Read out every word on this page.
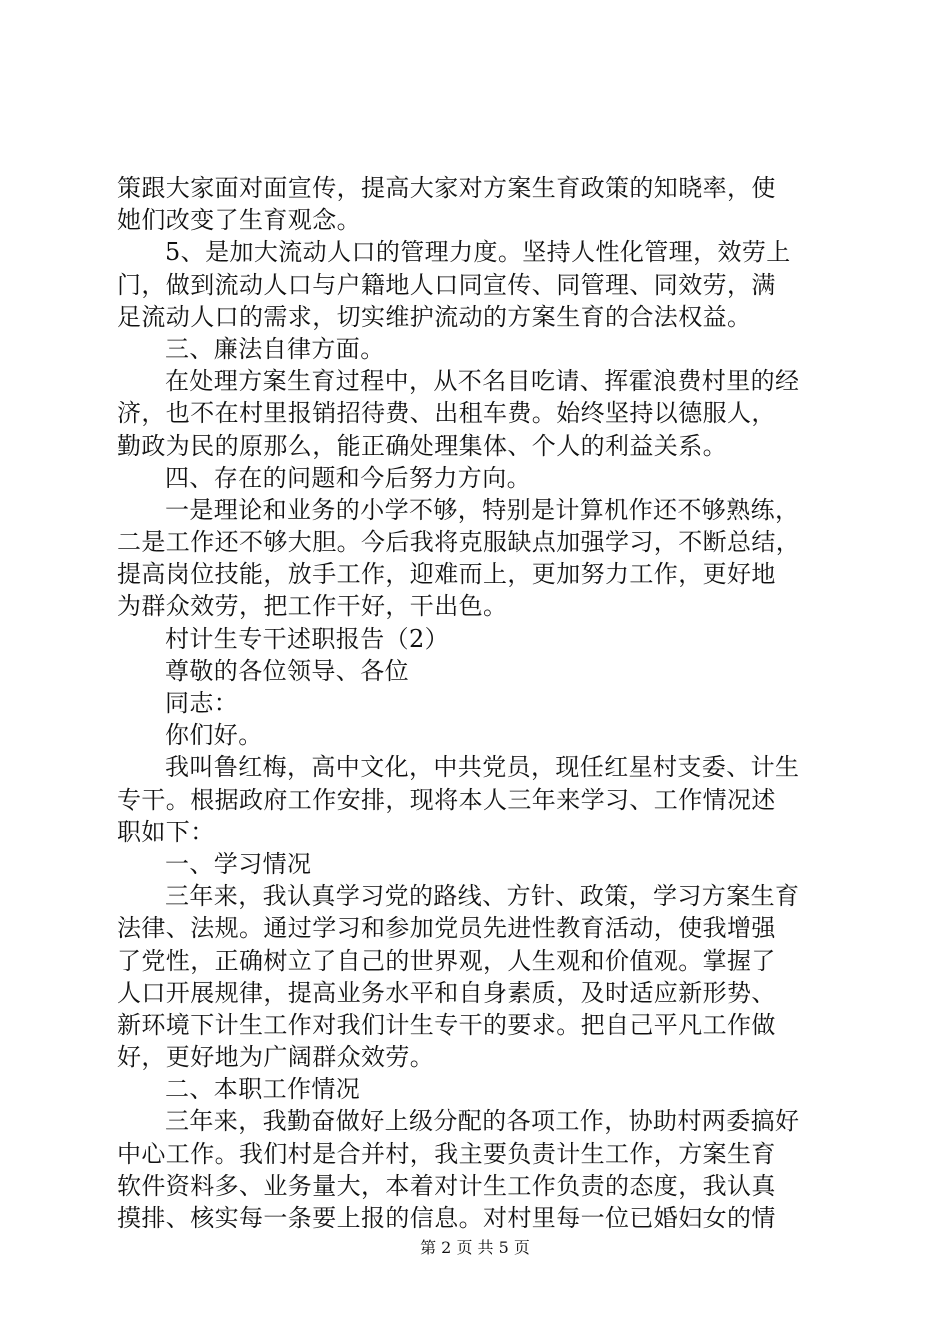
策跟大家面对面宣传，提高大家对方案生育政策的知晓率，使
她们改变了生育观念。
5、是加大流动人口的管理力度。坚持人性化管理，效劳上
门，做到流动人口与户籍地人口同宣传、同管理、同效劳，满
足流动人口的需求，切实维护流动的方案生育的合法权益。
三、廉法自律方面。
在处理方案生育过程中，从不名目吃请、挥霍浪费村里的经
济，也不在村里报销招待费、出租车费。始终坚持以德服人，
勤政为民的原那么，能正确处理集体、个人的利益关系。
四、存在的问题和今后努力方向。
一是理论和业务的小学不够，特别是计算机作还不够熟练，
二是工作还不够大胆。今后我将克服缺点加强学习，不断总结，
提高岗位技能，放手工作，迎难而上，更加努力工作，更好地
为群众效劳，把工作干好，干出色。
村计生专干述职报告（2）
尊敬的各位领导、各位
同志：
你们好。
我叫鲁红梅，高中文化，中共党员，现任红星村支委、计生
专干。根据政府工作安排，现将本人三年来学习、工作情况述
职如下：
一、学习情况
三年来，我认真学习党的路线、方针、政策，学习方案生育
法律、法规。通过学习和参加党员先进性教育活动，使我增强
了党性，正确树立了自己的世界观，人生观和价值观。掌握了
人口开展规律，提高业务水平和自身素质，及时适应新形势、
新环境下计生工作对我们计生专干的要求。把自己平凡工作做
好，更好地为广阔群众效劳。
二、本职工作情况
三年来，我勤奋做好上级分配的各项工作，协助村两委搞好
中心工作。我们村是合并村，我主要负责计生工作，方案生育
软件资料多、业务量大，本着对计生工作负责的态度，我认真
摸排、核实每一条要上报的信息。对村里每一位已婚妇女的情
第 2 页 共 5 页
